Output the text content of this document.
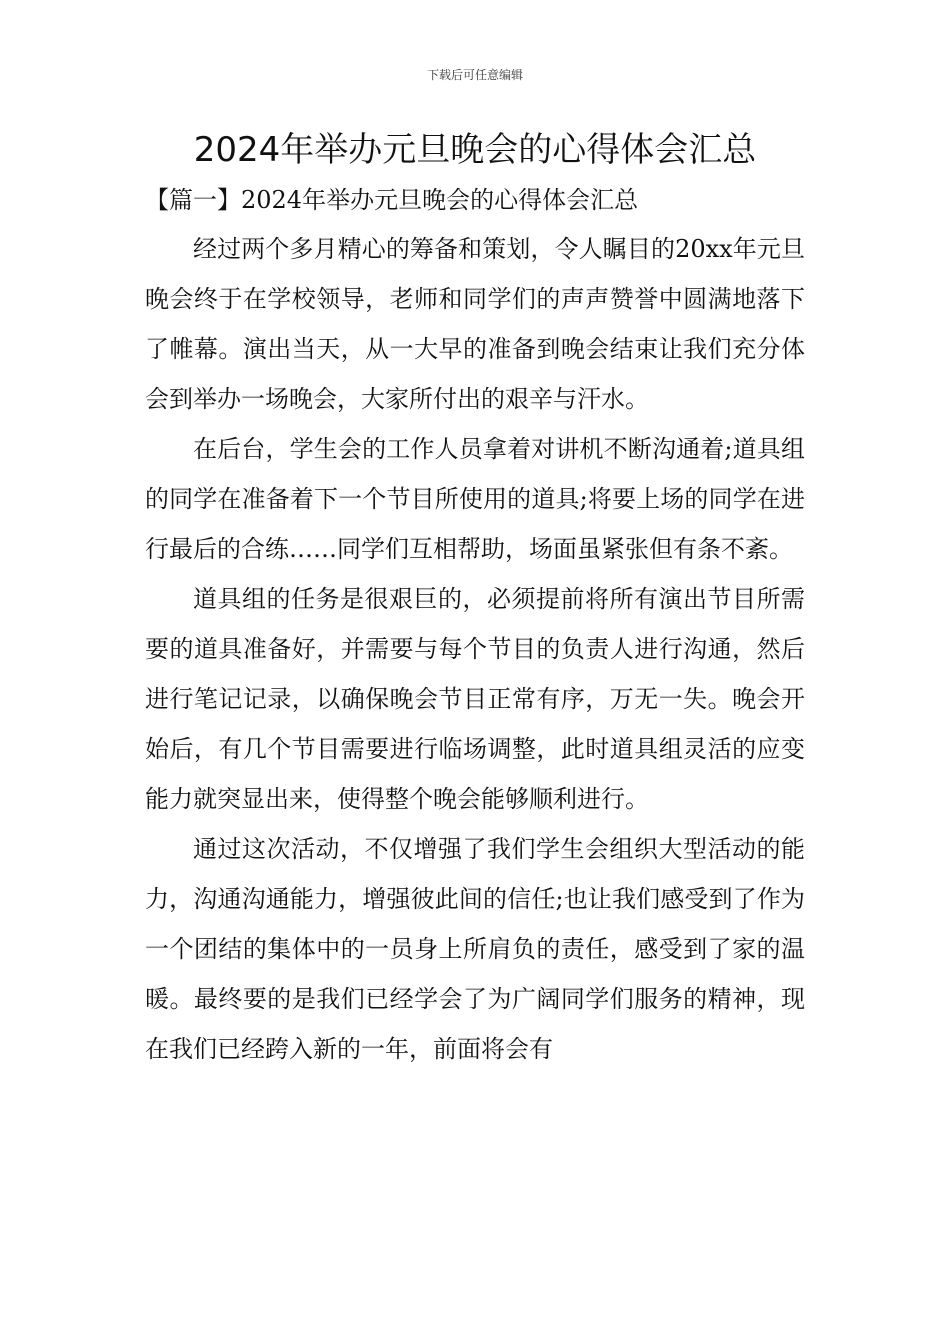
下载后可任意编辑
2024年举办元旦晚会的心得体会汇总
【篇一】2024年举办元旦晚会的心得体会汇总

经过两个多月精心的筹备和策划，令人瞩目的20xx年元旦晚会终于在学校领导，老师和同学们的声声赞誉中圆满地落下了帷幕。演出当天，从一大早的准备到晚会结束让我们充分体会到举办一场晚会，大家所付出的艰辛与汗水。

在后台，学生会的工作人员拿着对讲机不断沟通着;道具组的同学在准备着下一个节目所使用的道具;将要上场的同学在进行最后的合练……同学们互相帮助，场面虽紧张但有条不紊。

道具组的任务是很艰巨的，必须提前将所有演出节目所需要的道具准备好，并需要与每个节目的负责人进行沟通，然后进行笔记记录，以确保晚会节目正常有序，万无一失。晚会开始后，有几个节目需要进行临场调整，此时道具组灵活的应变能力就突显出来，使得整个晚会能够顺利进行。

通过这次活动，不仅增强了我们学生会组织大型活动的能力，沟通沟通能力，增强彼此间的信任;也让我们感受到了作为一个团结的集体中的一员身上所肩负的责任，感受到了家的温暖。最终要的是我们已经学会了为广阔同学们服务的精神，现在我们已经跨入新的一年，前面将会有
